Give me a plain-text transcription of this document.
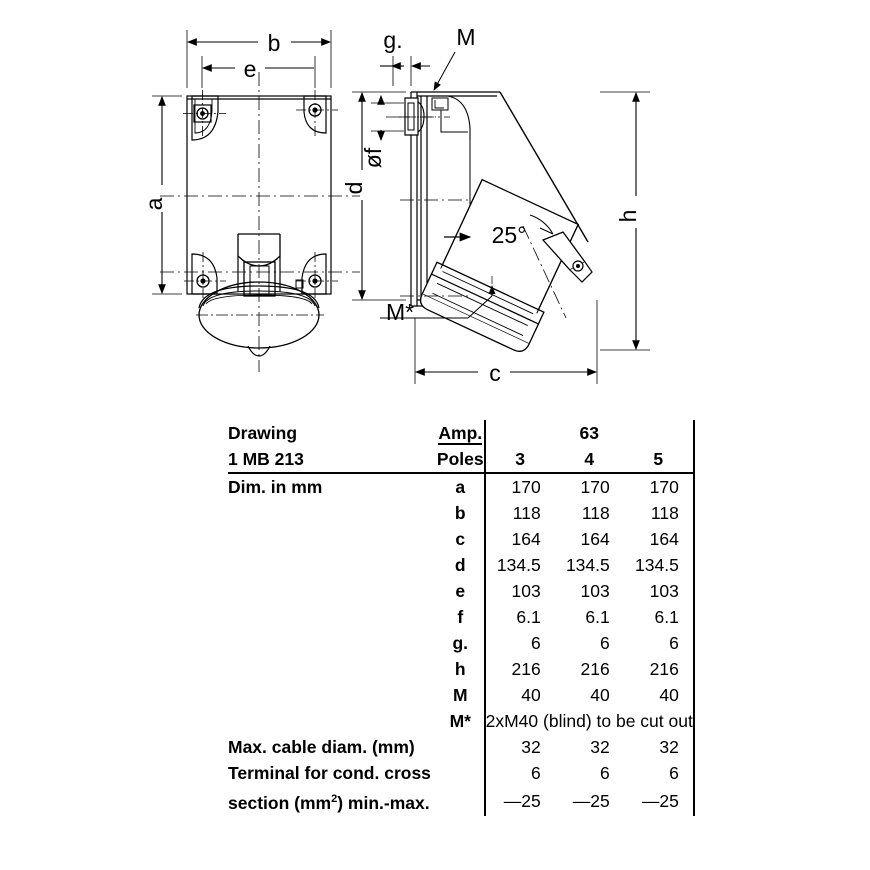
b
e
a
g. M
øf
d
h
c
M*
25°
Drawing	Amp.	63		
1 MB 213	Poles	3	4	5
Dim. in mm	a	170	170	170
	b	118	118	118
	c	164	164	164
	d	134.5	134.5	134.5
	e	103	103	103
	f	6.1	6.1	6.1
	g.	6	6	6
	h	216	216	216
	M	40	40	40
	M*	2xM40 (blind) to be cut out		
Max. cable diam. (mm)		32	32	32
Terminal for cond. cross		6	6	6
section $(mm^2)$ min.-max.		—25	—25	—25
